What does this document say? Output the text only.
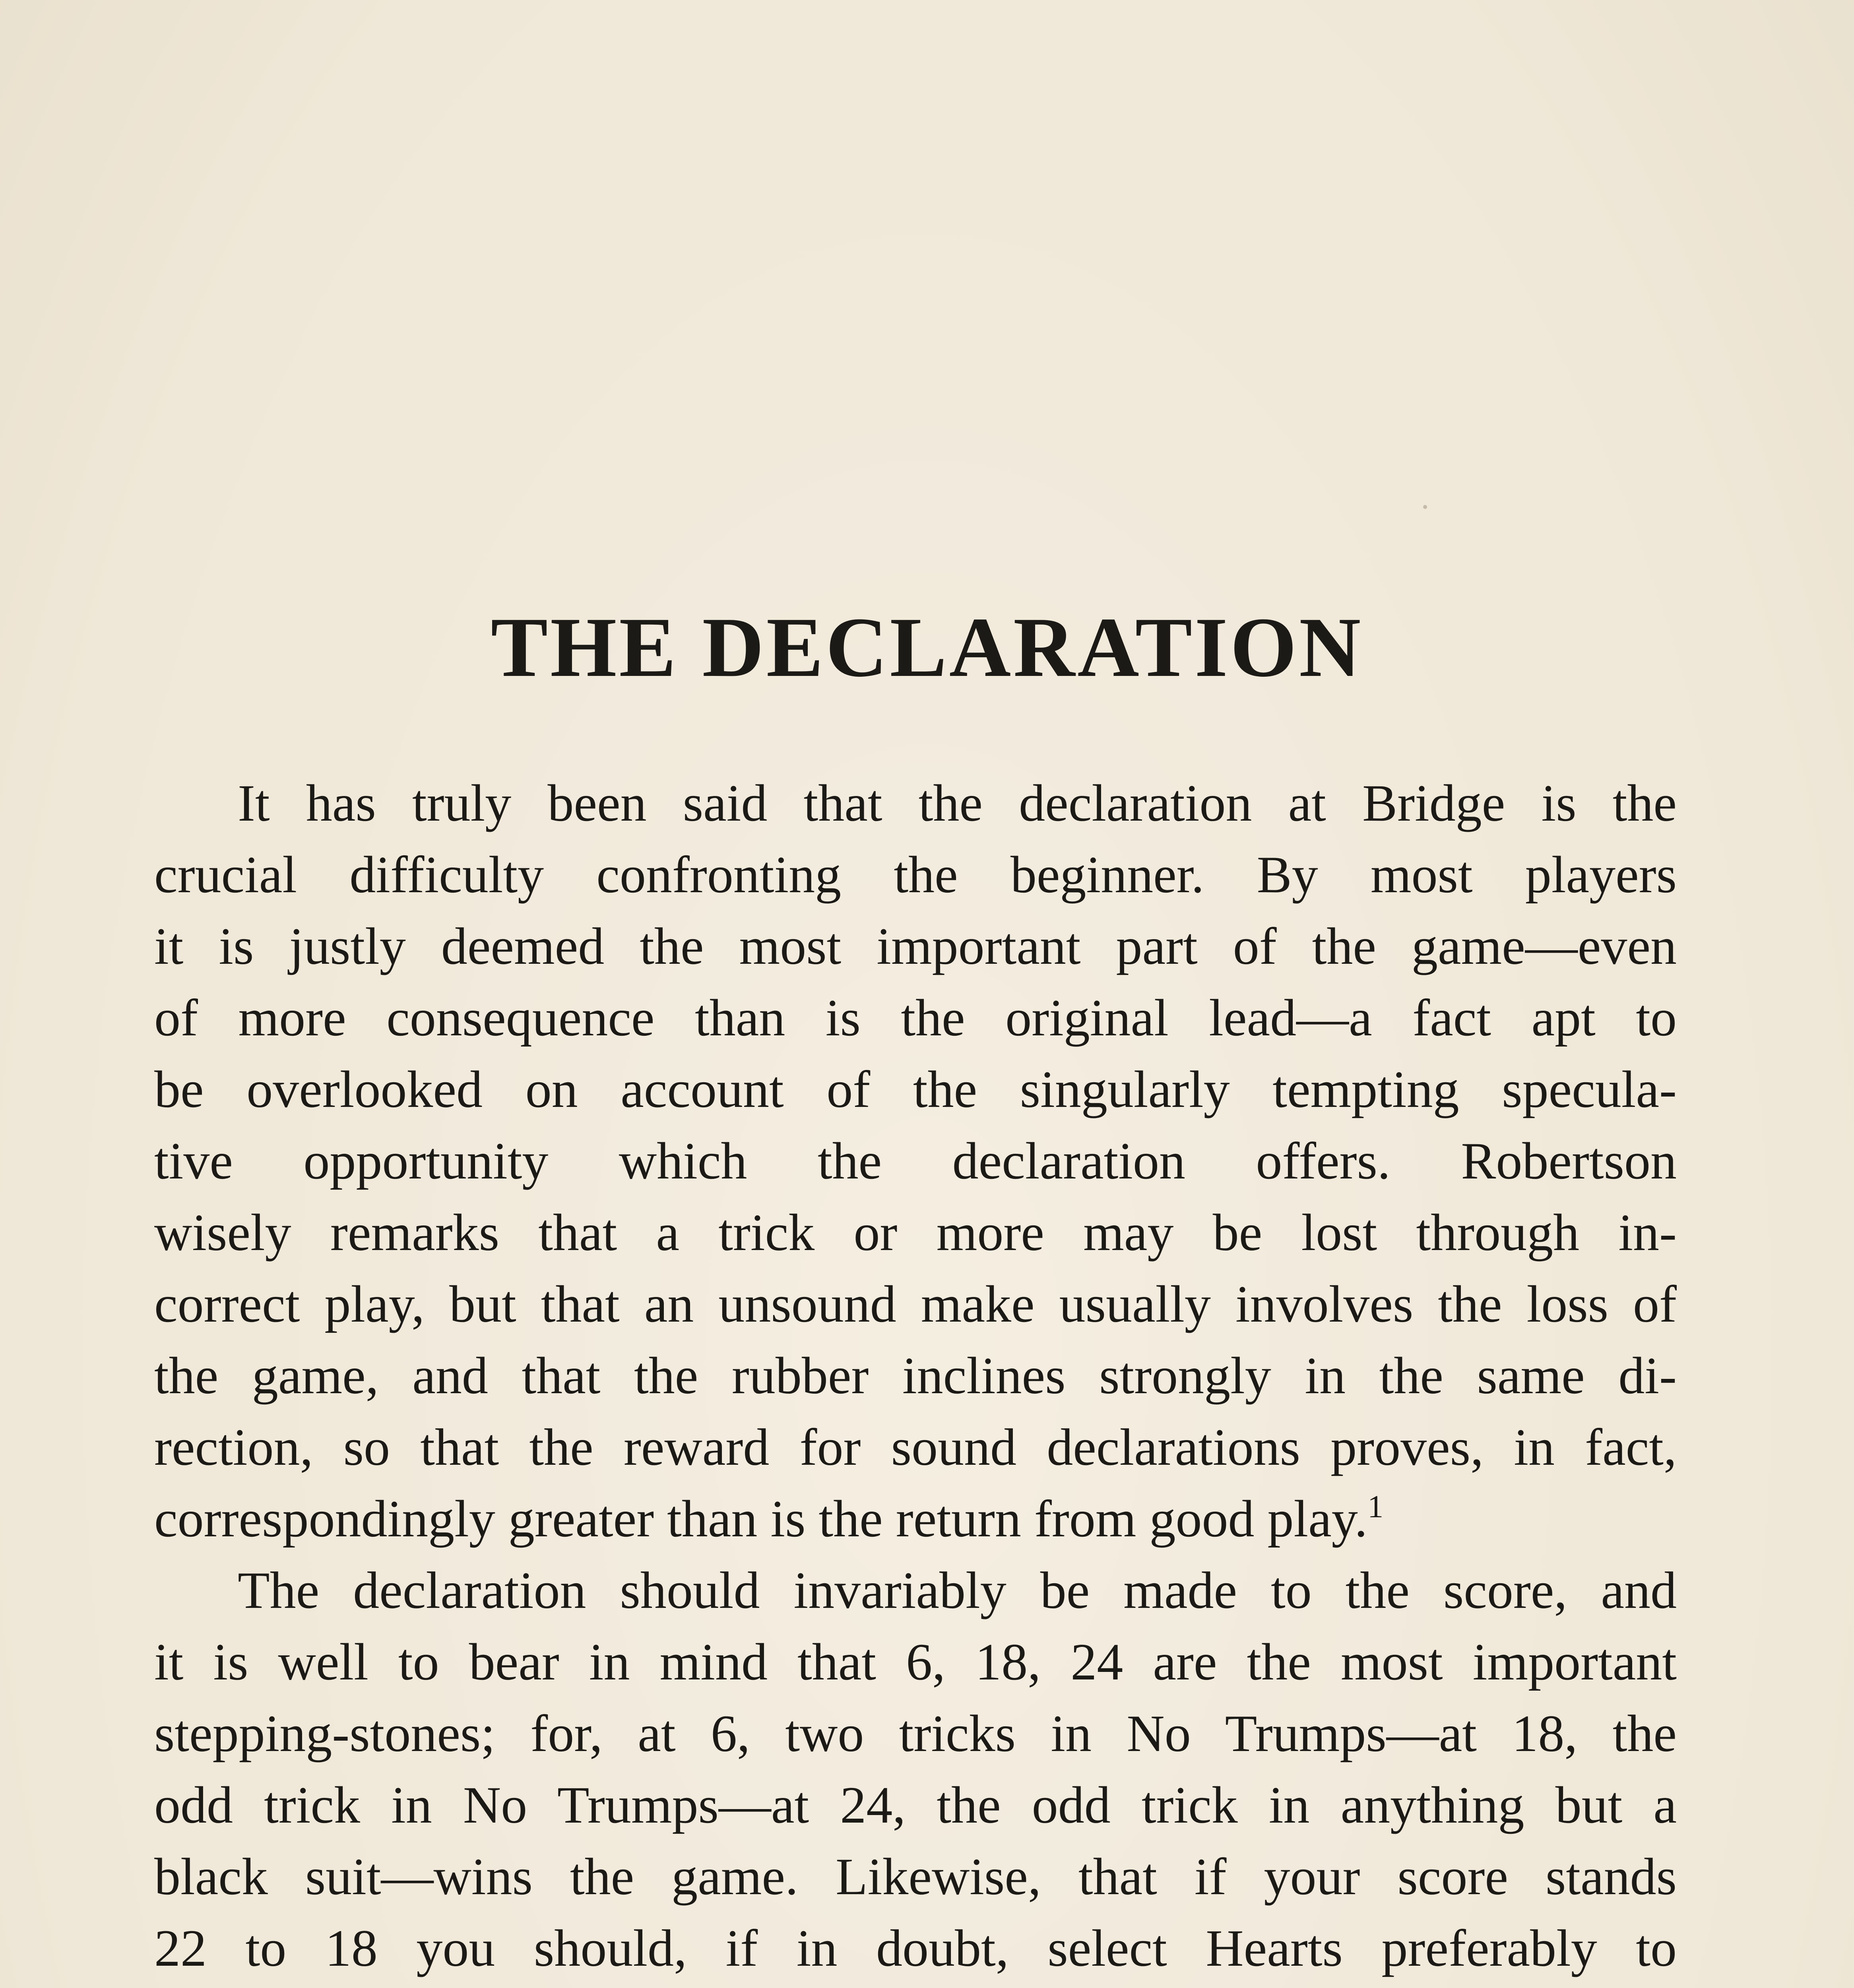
THE DECLARATION
It has truly been said that the declaration at Bridge is the
crucial difficulty confronting the beginner. By most players
it is justly deemed the most important part of the game—even
of more consequence than is the original lead—a fact apt to
be overlooked on account of the singularly tempting specula-
tive opportunity which the declaration offers. Robertson
wisely remarks that a trick or more may be lost through in-
correct play, but that an unsound make usually involves the loss of
the game, and that the rubber inclines strongly in the same di-
rection, so that the reward for sound declarations proves, in fact,
correspondingly greater than is the return from good play.$^1$
The declaration should invariably be made to the score, and
it is well to bear in mind that 6, 18, 24 are the most important
stepping-stones; for, at 6, two tricks in No Trumps—at 18, the
odd trick in No Trumps—at 24, the odd trick in anything but a
black suit—wins the game. Likewise, that if your score stands
22 to 18 you should, if in doubt, select Hearts preferably to
